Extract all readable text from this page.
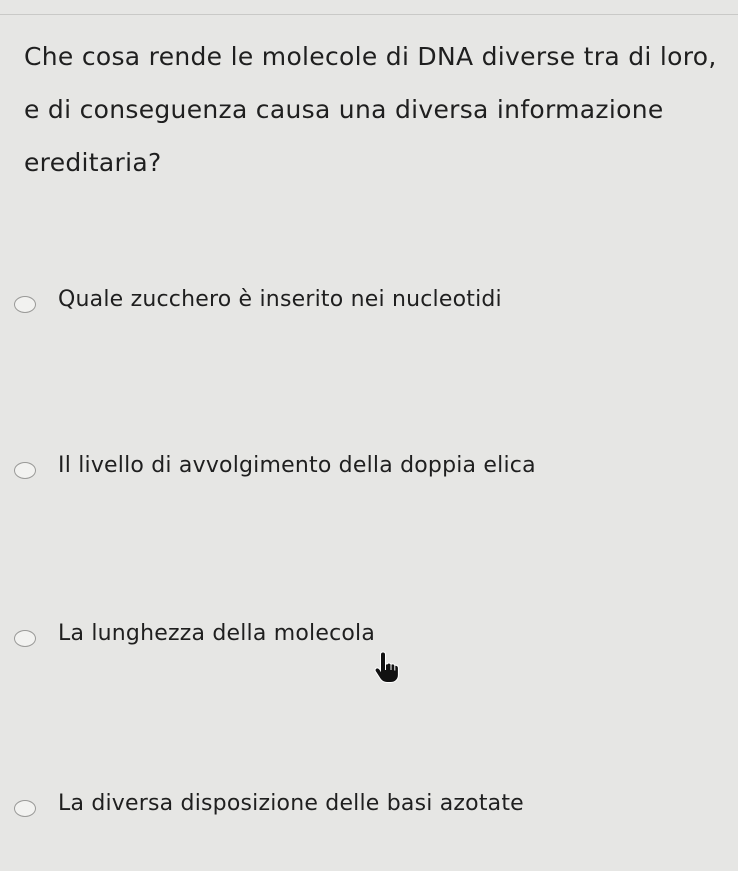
Che cosa rende le molecole di DNA diverse tra di loro, e di conseguenza causa una diversa informazione ereditaria?
Quale zucchero è inserito nei nucleotidi
Il livello di avvolgimento della doppia elica
La lunghezza della molecola
La diversa disposizione delle basi azotate
